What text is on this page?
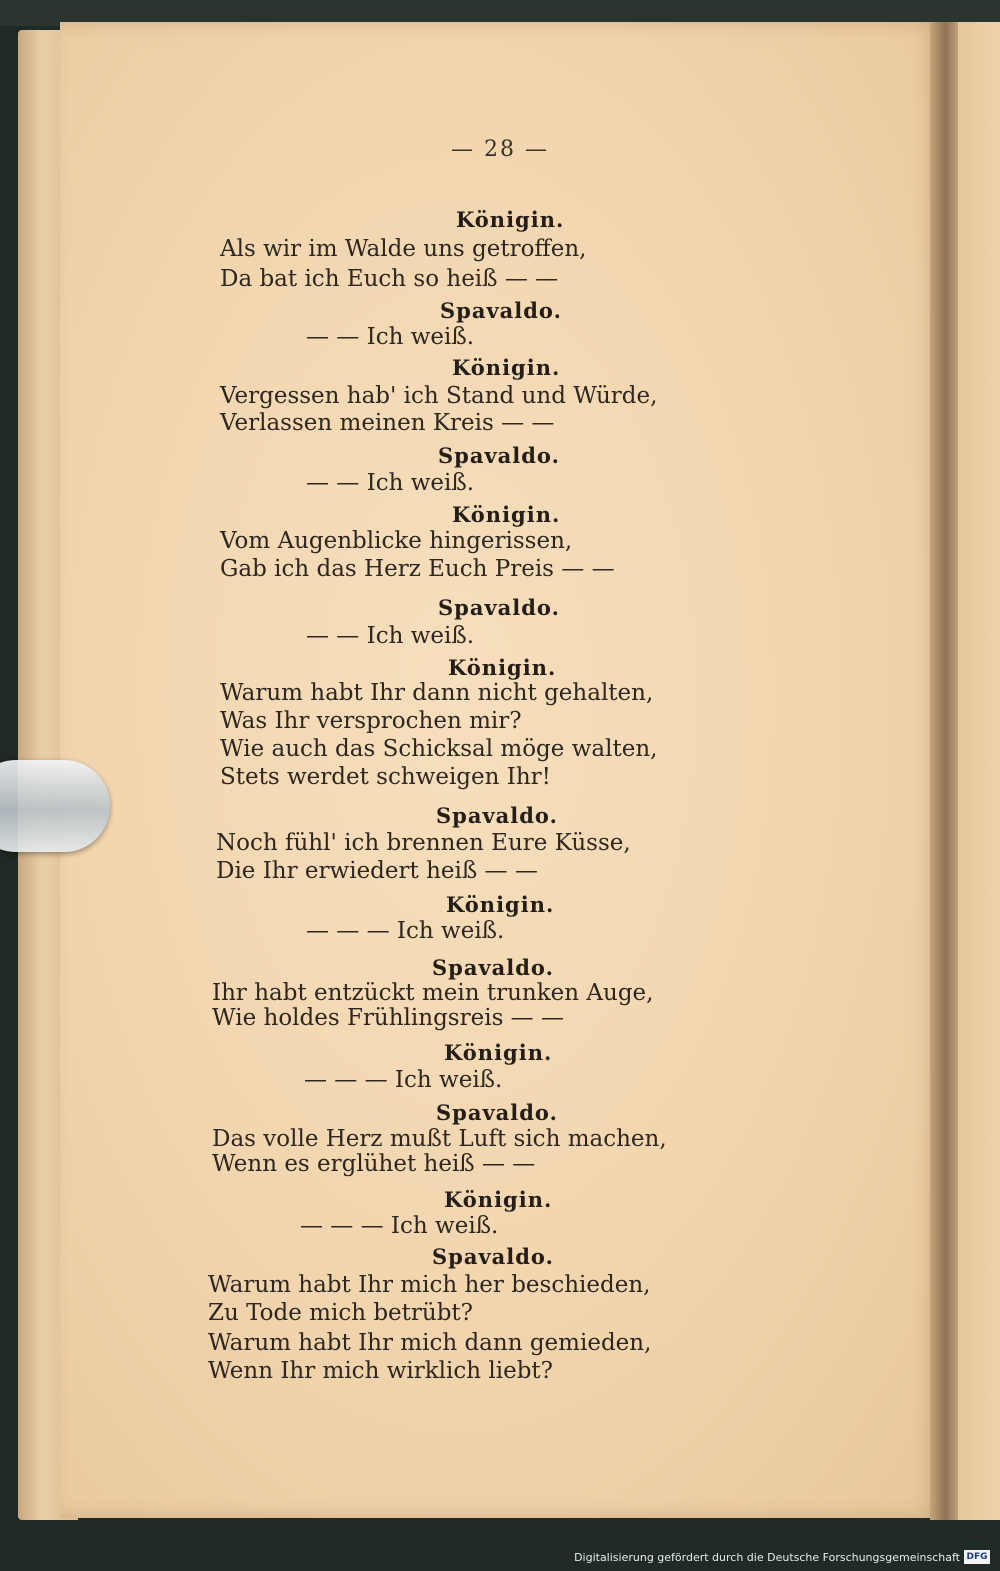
— 28 —
Königin.
Als wir im Walde uns getroffen,
Da bat ich Euch so heiß — —
Spavaldo.
— — Ich weiß.
Königin.
Vergessen hab' ich Stand und Würde,
Verlassen meinen Kreis — —
Spavaldo.
— — Ich weiß.
Königin.
Vom Augenblicke hingerissen,
Gab ich das Herz Euch Preis — —
Spavaldo.
— — Ich weiß.
Königin.
Warum habt Ihr dann nicht gehalten,
Was Ihr versprochen mir?
Wie auch das Schicksal möge walten,
Stets werdet schweigen Ihr!
Spavaldo.
Noch fühl' ich brennen Eure Küsse,
Die Ihr erwiedert heiß — —
Königin.
— — — Ich weiß.
Spavaldo.
Ihr habt entzückt mein trunken Auge,
Wie holdes Frühlingsreis — —
Königin.
— — — Ich weiß.
Spavaldo.
Das volle Herz mußt Luft sich machen,
Wenn es erglühet heiß — —
Königin.
— — — Ich weiß.
Spavaldo.
Warum habt Ihr mich her beschieden,
Zu Tode mich betrübt?
Warum habt Ihr mich dann gemieden,
Wenn Ihr mich wirklich liebt?
Digitalisierung gefördert durch die Deutsche Forschungsgemeinschaft DFG
